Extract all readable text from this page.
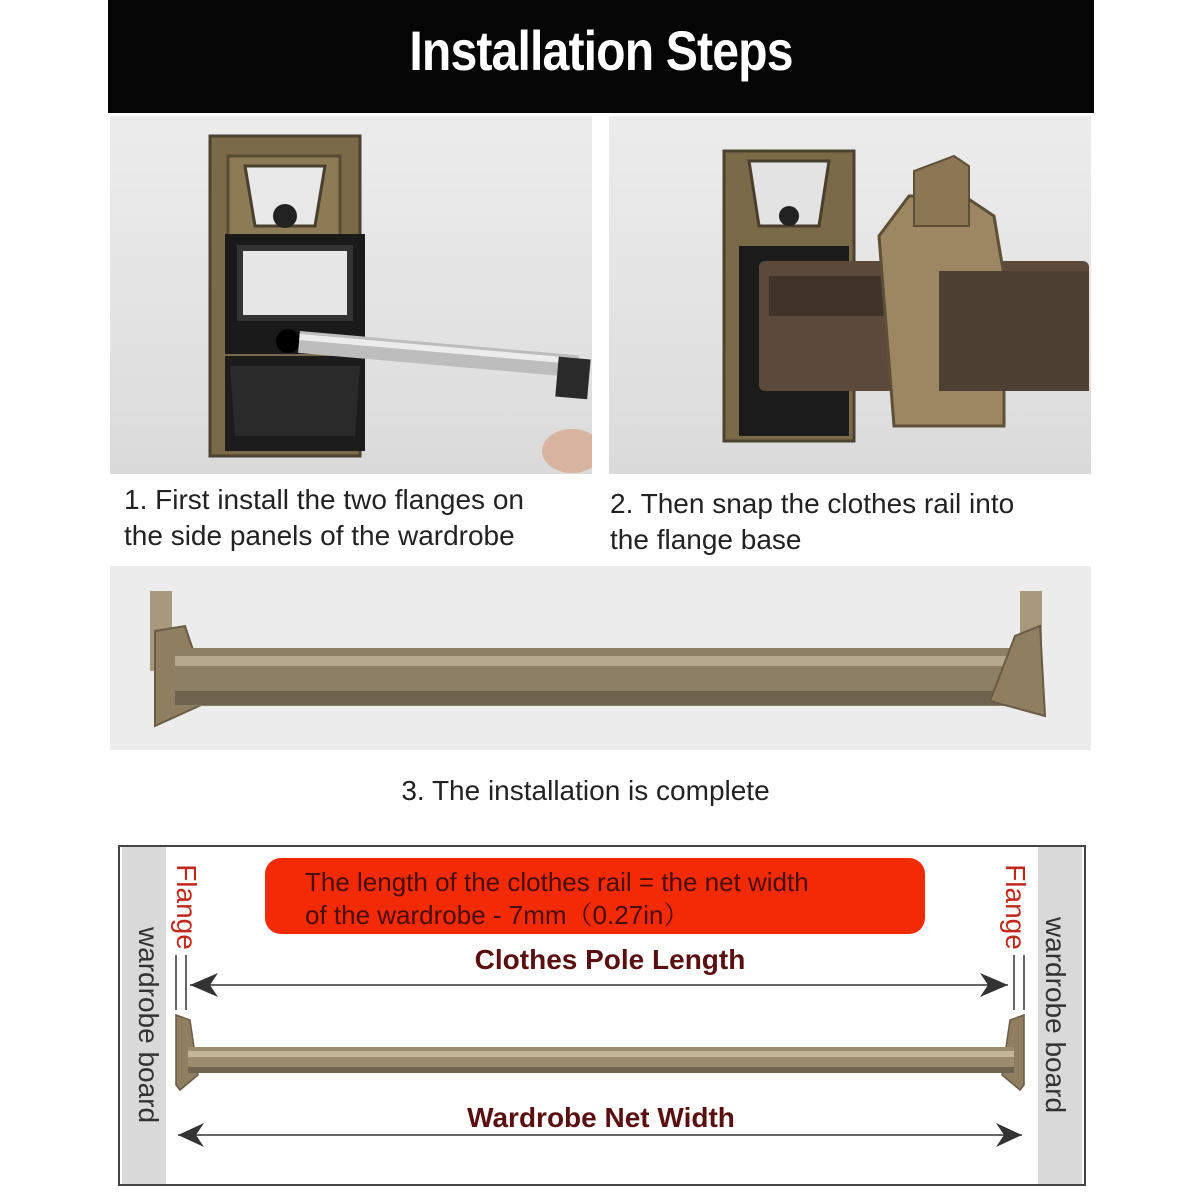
Installation Steps
1. First install the two flanges on
the side panels of the wardrobe
2. Then snap the clothes rail into
the flange base
3. The installation is complete
wardrobe board	wardrobe board
Flange	Flange
The length of the clothes rail = the net width
of the wardrobe - 7mm（0.27in）
Clothes Pole Length
Wardrobe Net Width
